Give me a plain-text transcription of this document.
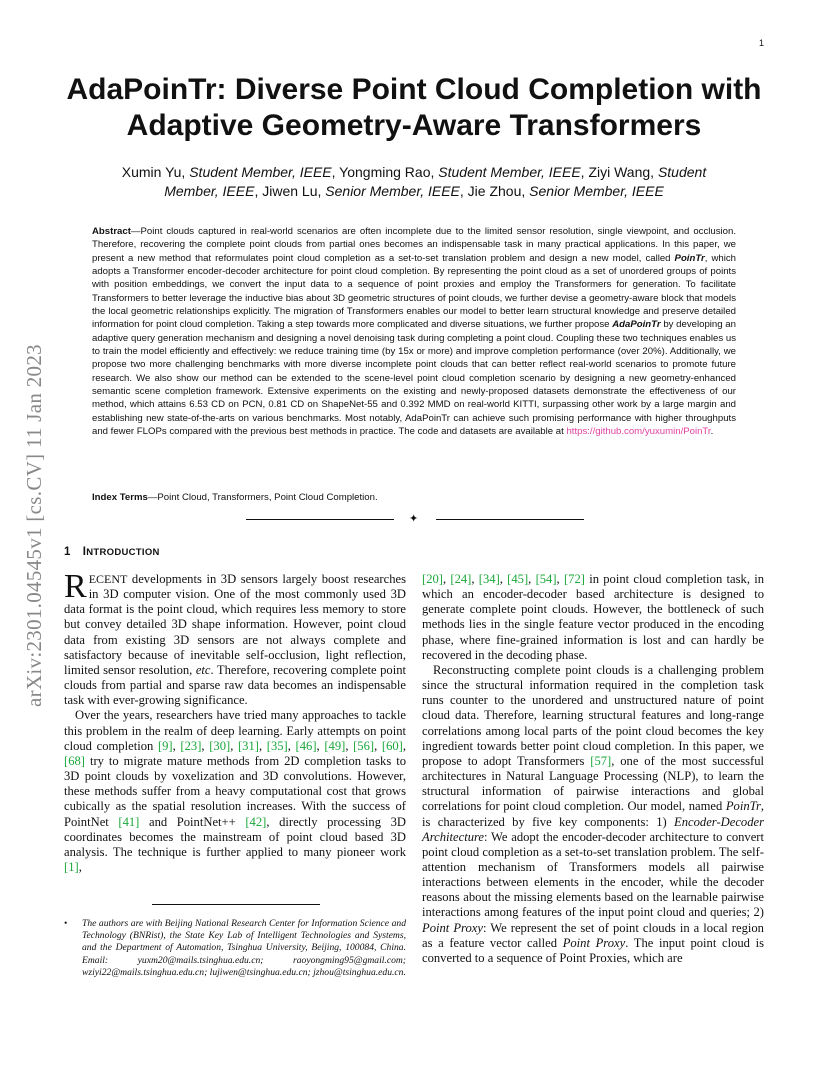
1
arXiv:2301.04545v1 [cs.CV] 11 Jan 2023
AdaPoinTr: Diverse Point Cloud Completion with
Adaptive Geometry-Aware Transformers
Xumin Yu, Student Member, IEEE, Yongming Rao, Student Member, IEEE, Ziyi Wang, Student Member, IEEE, Jiwen Lu, Senior Member, IEEE, Jie Zhou, Senior Member, IEEE
Abstract—Point clouds captured in real-world scenarios are often incomplete due to the limited sensor resolution, single viewpoint, and occlusion. Therefore, recovering the complete point clouds from partial ones becomes an indispensable task in many practical applications. In this paper, we present a new method that reformulates point cloud completion as a set-to-set translation problem and design a new model, called PoinTr, which adopts a Transformer encoder-decoder architecture for point cloud completion. By representing the point cloud as a set of unordered groups of points with position embeddings, we convert the input data to a sequence of point proxies and employ the Transformers for generation. To facilitate Transformers to better leverage the inductive bias about 3D geometric structures of point clouds, we further devise a geometry-aware block that models the local geometric relationships explicitly. The migration of Transformers enables our model to better learn structural knowledge and preserve detailed information for point cloud completion. Taking a step towards more complicated and diverse situations, we further propose AdaPoinTr by developing an adaptive query generation mechanism and designing a novel denoising task during completing a point cloud. Coupling these two techniques enables us to train the model efficiently and effectively: we reduce training time (by 15x or more) and improve completion performance (over 20%). Additionally, we propose two more challenging benchmarks with more diverse incomplete point clouds that can better reflect real-world scenarios to promote future research. We also show our method can be extended to the scene-level point cloud completion scenario by designing a new geometry-enhanced semantic scene completion framework. Extensive experiments on the existing and newly-proposed datasets demonstrate the effectiveness of our method, which attains 6.53 CD on PCN, 0.81 CD on ShapeNet-55 and 0.392 MMD on real-world KITTI, surpassing other work by a large margin and establishing new state-of-the-arts on various benchmarks. Most notably, AdaPoinTr can achieve such promising performance with higher throughputs and fewer FLOPs compared with the previous best methods in practice. The code and datasets are available at https://github.com/yuxumin/PoinTr.
Index Terms—Point Cloud, Transformers, Point Cloud Completion.
✦
1 INTRODUCTION

RECENT developments in 3D sensors largely boost researches in 3D computer vision. One of the most commonly used 3D data format is the point cloud, which requires less memory to store but convey detailed 3D shape information. However, point cloud data from existing 3D sensors are not always complete and satisfactory because of inevitable self-occlusion, light reflection, limited sensor resolution, etc. Therefore, recovering complete point clouds from partial and sparse raw data becomes an indispensable task with ever-growing significance.

Over the years, researchers have tried many approaches to tackle this problem in the realm of deep learning. Early attempts on point cloud completion [9], [23], [30], [31], [35], [46], [49], [56], [60], [68] try to migrate mature methods from 2D completion tasks to 3D point clouds by voxelization and 3D convolutions. However, these methods suffer from a heavy computational cost that grows cubically as the spatial resolution increases. With the success of PointNet [41] and PointNet++ [42], directly processing 3D coordinates becomes the mainstream of point cloud based 3D analysis. The technique is further applied to many pioneer work [1],

•	The authors are with Beijing National Research Center for Information Science and Technology (BNRist), the State Key Lab of Intelligent Technologies and Systems, and the Department of Automation, Tsinghua University, Beijing, 100084, China. Email: yuxm20@mails.tsinghua.edu.cn; raoyongming95@gmail.com; wziyi22@mails.tsinghua.edu.cn; lujiwen@tsinghua.edu.cn; jzhou@tsinghua.edu.cn.

[20], [24], [34], [45], [54], [72] in point cloud completion task, in which an encoder-decoder based architecture is designed to generate complete point clouds. However, the bottleneck of such methods lies in the single feature vector produced in the encoding phase, where fine-grained information is lost and can hardly be recovered in the decoding phase.

Reconstructing complete point clouds is a challenging problem since the structural information required in the completion task runs counter to the unordered and unstructured nature of point cloud data. Therefore, learning structural features and long-range correlations among local parts of the point cloud becomes the key ingredient towards better point cloud completion. In this paper, we propose to adopt Transformers [57], one of the most successful architectures in Natural Language Processing (NLP), to learn the structural information of pairwise interactions and global correlations for point cloud completion. Our model, named PoinTr, is characterized by five key components: 1) Encoder-Decoder Architecture: We adopt the encoder-decoder architecture to convert point cloud completion as a set-to-set translation problem. The self-attention mechanism of Transformers models all pairwise interactions between elements in the encoder, while the decoder reasons about the missing elements based on the learnable pairwise interactions among features of the input point cloud and queries; 2) Point Proxy: We represent the set of point clouds in a local region as a feature vector called Point Proxy. The input point cloud is converted to a sequence of Point Proxies, which are
